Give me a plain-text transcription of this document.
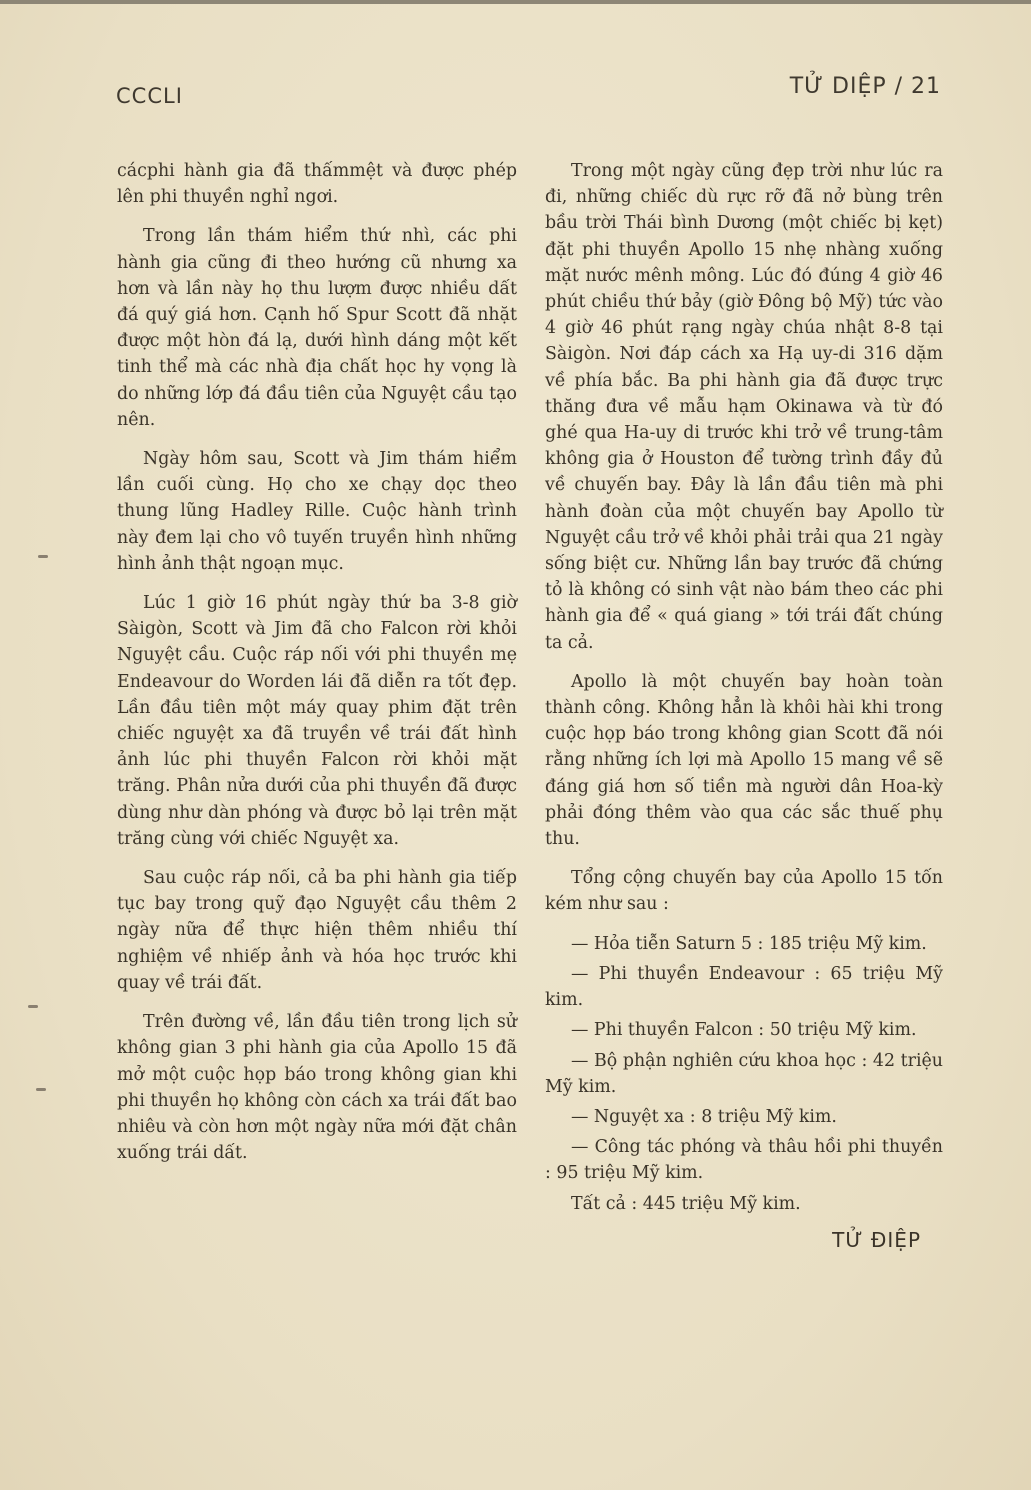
CCCLI	TỬ DIỆP / 21

cácphi hành gia đã thấmmệt và được phép lên phi thuyền nghỉ ngơi.

Trong lần thám hiểm thứ nhì, các phi hành gia cũng đi theo hướng cũ nhưng xa hơn và lần này họ thu lượm được nhiều dất đá quý giá hơn. Cạnh hố Spur Scott đã nhặt được một hòn đá lạ, dưới hình dáng một kết tinh thể mà các nhà địa chất học hy vọng là do những lớp đá đầu tiên của Nguyệt cầu tạo nên.

Ngày hôm sau, Scott và Jim thám hiểm lần cuối cùng. Họ cho xe chạy dọc theo thung lũng Hadley Rille. Cuộc hành trình này đem lại cho vô tuyến truyền hình những hình ảnh thật ngoạn mục.

Lúc 1 giờ 16 phút ngày thứ ba 3-8 giờ Sàigòn, Scott và Jim đã cho Falcon rời khỏi Nguyệt cầu. Cuộc ráp nối với phi thuyền mẹ Endeavour do Worden lái đã diễn ra tốt đẹp. Lần đầu tiên một máy quay phim đặt trên chiếc nguyệt xa đã truyền về trái đất hình ảnh lúc phi thuyền Falcon rời khỏi mặt trăng. Phân nửa dưới của phi thuyền đã được dùng như dàn phóng và được bỏ lại trên mặt trăng cùng với chiếc Nguyệt xa.

Sau cuộc ráp nối, cả ba phi hành gia tiếp tục bay trong quỹ đạo Nguyệt cầu thêm 2 ngày nữa để thực hiện thêm nhiều thí nghiệm về nhiếp ảnh và hóa học trước khi quay về trái đất.

Trên đường về, lần đầu tiên trong lịch sử không gian 3 phi hành gia của Apollo 15 đã mở một cuộc họp báo trong không gian khi phi thuyền họ không còn cách xa trái đất bao nhiêu và còn hơn một ngày nữa mới đặt chân xuống trái dất.

Trong một ngày cũng đẹp trời như lúc ra đi, những chiếc dù rực rỡ đã nở bùng trên bầu trời Thái bình Dương (một chiếc bị kẹt) đặt phi thuyền Apollo 15 nhẹ nhàng xuống mặt nước mênh mông. Lúc đó đúng 4 giờ 46 phút chiều thứ bảy (giờ Đông bộ Mỹ) tức vào 4 giờ 46 phút rạng ngày chúa nhật 8-8 tại Sàigòn. Nơi đáp cách xa Hạ uy-di 316 dặm về phía bắc. Ba phi hành gia đã được trực thăng đưa về mẫu hạm Okinawa và từ đó ghé qua Ha-uy di trước khi trở về trung-tâm không gia ở Houston để tường trình đầy đủ về chuyến bay. Đây là lần đầu tiên mà phi hành đoàn của một chuyến bay Apollo từ Nguyệt cầu trở về khỏi phải trải qua 21 ngày sống biệt cư. Những lần bay trước đã chứng tỏ là không có sinh vật nào bám theo các phi hành gia để « quá giang » tới trái đất chúng ta cả.

Apollo là một chuyến bay hoàn toàn thành công. Không hẳn là khôi hài khi trong cuộc họp báo trong không gian Scott đã nói rằng những ích lợi mà Apollo 15 mang về sẽ đáng giá hơn số tiền mà người dân Hoa-kỳ phải đóng thêm vào qua các sắc thuế phụ thu.

Tổng cộng chuyến bay của Apollo 15 tốn kém như sau :

— Hỏa tiễn Saturn 5 : 185 triệu Mỹ kim.

— Phi thuyền Endeavour : 65 triệu Mỹ kim.

— Phi thuyền Falcon : 50 triệu Mỹ kim.

— Bộ phận nghiên cứu khoa học : 42 triệu Mỹ kim.

— Nguyệt xa : 8 triệu Mỹ kim.

— Công tác phóng và thâu hồi phi thuyền : 95 triệu Mỹ kim.

Tất cả : 445 triệu Mỹ kim.

TỬ ĐIỆP
